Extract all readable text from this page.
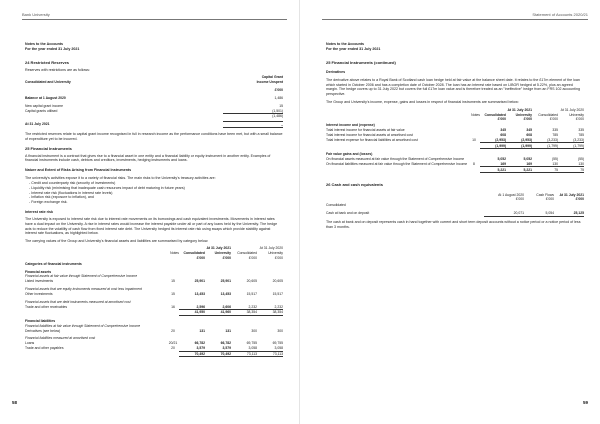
Bank University
Notes to the Accounts
For the year ended 31 July 2021
24 Restricted Reserves
Reserves with restrictions are as follows:
	Capital Grant
Consolidated and University	Income Unspent

	£'000

Balance at 1 August 2020	1,486

New capital grant income	15
Capital grants utilised	(1,501)
	(1,486)

At 31 July 2021	–
The restricted reserves relate to capital grant income recognised in full in research income as the performance conditions have been met, but with a small balance of expenditure yet to be incurred.
25 Financial Instruments
A financial instrument is a contract that gives rise to a financial asset in one entity and a financial liability or equity instrument in another entity. Examples of financial instruments include cash, debtors and creditors, investments, hedging instruments and loans.
Nature and Extent of Risks Arising from Financial Instruments
The university's activities expose it to a variety of financial risks. The main risks to the University's treasury activities are:
- Credit and counterparty risk (security of investments)
- Liquidity risk (minimising that inadequate cash resources impact of debt maturing in future years)
- Interest rate risk (fluctuations in interest rate levels)
- Inflation risk (exposure to inflation), and
- Foreign exchange risk.
Interest rate risk
The University is exposed to interest rate risk due to interest rate movements on its borrowings and cash equivalent investments. Movements in interest rates have a dual impact on the University. A rise in interest rates would increase the interest payable under all or part of any loans held by the University. The hedge acts to reduce the volatility of cash flow from fixed interest rate debt. The University hedged its interest rate risk using swaps which provide stability against interest rate fluctuations, as highlighted below.
The carrying values of the Group and University's financial assets and liabilities are summarised by category below.
		At 31 July 2021		At 31 July 2020	
	Notes	Consolidated	University	Consolidated	University
		£'000	£'000	£'000	£'000
Categories of financial instruments					

Financial assets					
Financial assets at fair value through Statement of Comprehensive Income					
Listed investments	15	25,901	25,901	20,605	20,605

Financial assets that are equity instruments measured at cost less impairment					
Other investments	15	13,453	13,453	15,517	15,517

Financial assets that are debt instruments measured at amortised cost					
Trade and other receivables	16	2,596	2,606	2,232	2,232
		41,950	41,960	38,354	38,354

Financial liabilities					
Financial liabilities at fair value through Statement of Comprehensive Income					
Derivatives (see below)	20	131	131	300	300

Financial liabilities measured at amortised cost					
Loans	20/21	66,782	66,782	69,755	69,755
Trade and other payables	20	3,579	3,579	3,058	3,058
		70,492	70,492	73,113	73,113
58
Statement of Accounts 2020/21
Notes to the Accounts
For the year ended 31 July 2021
25 Financial Instruments (continued)
Derivatives
The derivative above relates to a Royal Bank of Scotland cash loan hedge held at fair value at the balance sheet date. It relates to the £17m element of the loan which started in October 2006 and has a completion date of October 2028. The loan has an interest rate based on LIBOR hedged at 5.22%, plus an agreed margin. The hedge covers up to 31 July 2022 but covers the full £17m loan value and is therefore treated as an "ineffective" hedge from an FRS 102 accounting perspective.
The Group and University's income, expense, gains and losses in respect of financial instruments are summarised below:
		At 31 July 2021		At 31 July 2020	
	Notes	Consolidated	University	Consolidated	University
		£'000	£'000	£'000	£'000
Interest income and (expense)					
Total interest income for financial assets at fair value		345	345	335	335
Total interest income for financial assets at amortised cost		608	608	785	785
Total interest expense for financial liabilities at amortised cost	10	(2,953)	(2,953)	(3,233)	(3,233)
		(1,999)	(1,999)	(1,799)	(1,799)

Fair value gains and (losses)					
On financial assets measured at fair value through the Statement of Comprehensive Income		5,052	5,052	(55)	(55)
On financial liabilities measured at fair value through the Statement of Comprehensive Income	8	169	169	130	130
		5,221	5,221	75	75
26 Cash and cash equivalents
	At 1 August 2020	Cash Flows	At 31 July 2021
	£'000	£'000	£'000
Consolidated			

Cash at bank and on deposit	20,071	5,054	25,125

The cash at bank and on deposit represents cash in hand together with current and short term deposit accounts without a notice period or a notice period of less than 3 months.
59
